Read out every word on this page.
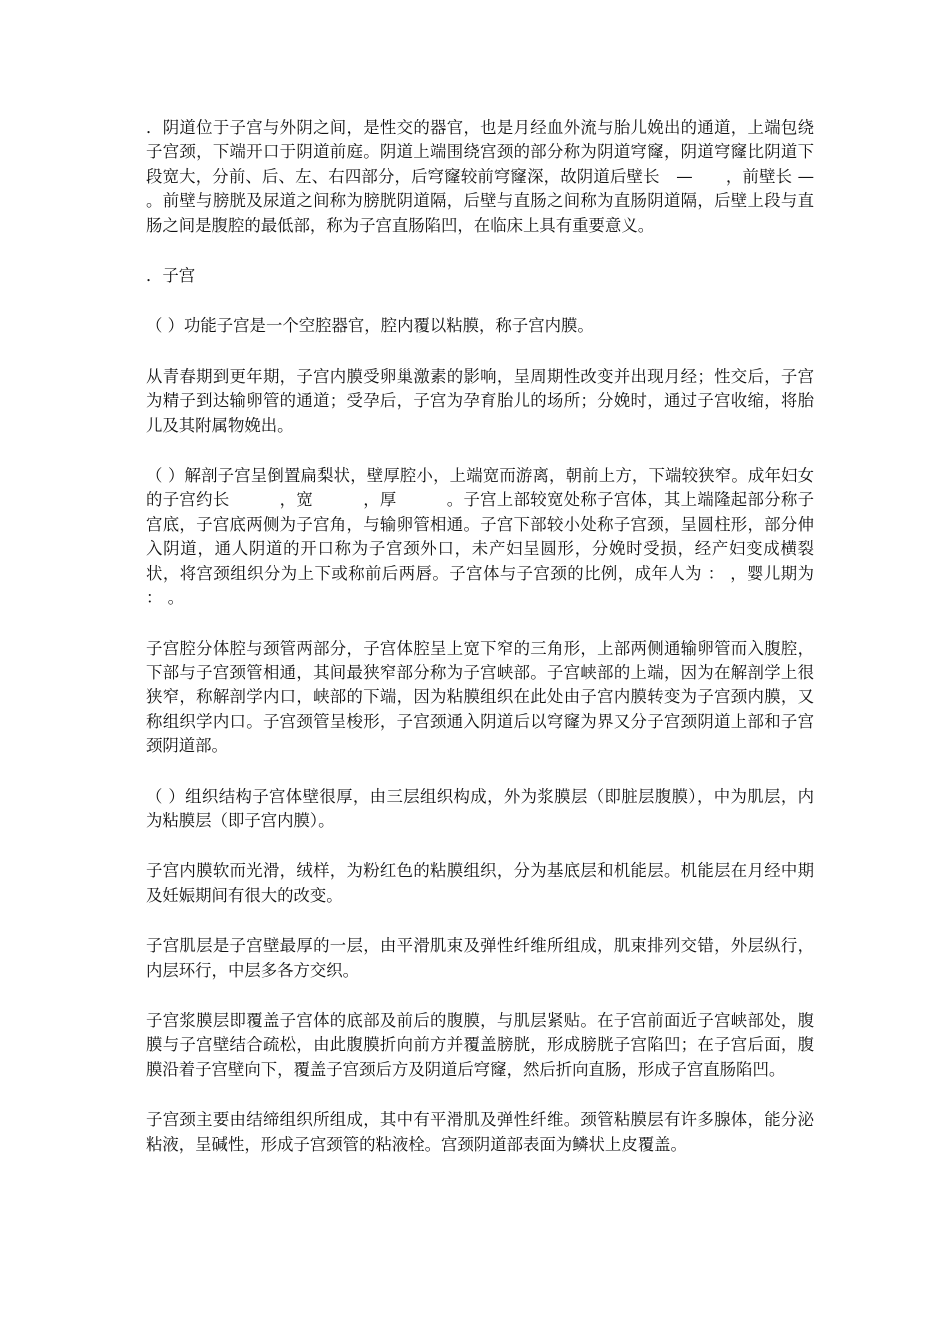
．阴道位于子宫与外阴之间，是性交的器官，也是月经血外流与胎儿娩出的通道，上端包绕子宫颈，下端开口于阴道前庭。阴道上端围绕宫颈的部分称为阴道穹窿，阴道穹窿比阴道下段宽大，分前、后、左、右四部分，后穹窿较前穹窿深，故阴道后壁长　—　　，前壁长 —　　。前壁与膀胱及尿道之间称为膀胱阴道隔，后壁与直肠之间称为直肠阴道隔，后壁上段与直肠之间是腹腔的最低部，称为子宫直肠陷凹，在临床上具有重要意义。

．子宫

（ ）功能子宫是一个空腔器官，腔内覆以粘膜，称子宫内膜。

从青春期到更年期，子宫内膜受卵巢激素的影响，呈周期性改变并出现月经；性交后，子宫为精子到达输卵管的通道；受孕后，子宫为孕育胎儿的场所；分娩时，通过子宫收缩，将胎儿及其附属物娩出。

（ ）解剖子宫呈倒置扁梨状，壁厚腔小，上端宽而游离，朝前上方，下端较狭窄。成年妇女的子宫约长　　　，宽　　　，厚　　　。子宫上部较宽处称子宫体，其上端隆起部分称子宫底，子宫底两侧为子宫角，与输卵管相通。子宫下部较小处称子宫颈，呈圆柱形，部分伸入阴道，通人阴道的开口称为子宫颈外口，未产妇呈圆形，分娩时受损，经产妇变成横裂状，将宫颈组织分为上下或称前后两唇。子宫体与子宫颈的比例，成年人为 ： ，婴儿期为 ： 。

子宫腔分体腔与颈管两部分，子宫体腔呈上宽下窄的三角形，上部两侧通输卵管而入腹腔，下部与子宫颈管相通，其间最狭窄部分称为子宫峡部。子宫峡部的上端，因为在解剖学上很狭窄，称解剖学内口，峡部的下端，因为粘膜组织在此处由子宫内膜转变为子宫颈内膜，又称组织学内口。子宫颈管呈梭形，子宫颈通入阴道后以穹窿为界又分子宫颈阴道上部和子宫颈阴道部。

（ ）组织结构子宫体壁很厚，由三层组织构成，外为浆膜层（即脏层腹膜），中为肌层，内为粘膜层（即子宫内膜）。

子宫内膜软而光滑，绒样，为粉红色的粘膜组织，分为基底层和机能层。机能层在月经中期及妊娠期间有很大的改变。

子宫肌层是子宫壁最厚的一层，由平滑肌束及弹性纤维所组成，肌束排列交错，外层纵行，内层环行，中层多各方交织。

子宫浆膜层即覆盖子宫体的底部及前后的腹膜，与肌层紧贴。在子宫前面近子宫峡部处，腹膜与子宫壁结合疏松，由此腹膜折向前方并覆盖膀胱，形成膀胱子宫陷凹；在子宫后面，腹膜沿着子宫壁向下，覆盖子宫颈后方及阴道后穹窿，然后折向直肠，形成子宫直肠陷凹。

子宫颈主要由结缔组织所组成，其中有平滑肌及弹性纤维。颈管粘膜层有许多腺体，能分泌粘液，呈碱性，形成子宫颈管的粘液栓。宫颈阴道部表面为鳞状上皮覆盖。
